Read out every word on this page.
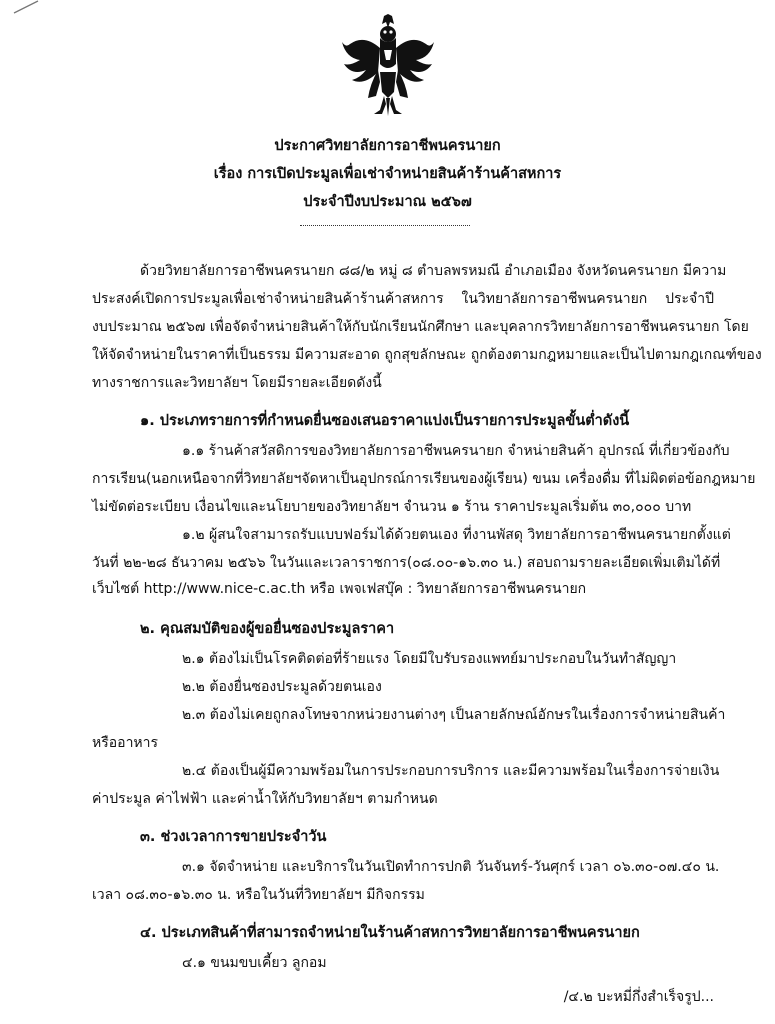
ประกาศวิทยาลัยการอาชีพนครนายก
เรื่อง การเปิดประมูลเพื่อเช่าจำหน่ายสินค้าร้านค้าสหการ
ประจำปีงบประมาณ ๒๕๖๗
ด้วยวิทยาลัยการอาชีพนครนายก ๘๘/๒ หมู่ ๘ ตำบลพรหมณี อำเภอเมือง จังหวัดนครนายก มีความ
ประสงค์เปิดการประมูลเพื่อเช่าจำหน่ายสินค้าร้านค้าสหการ ในวิทยาลัยการอาชีพนครนายก ประจำปี
งบประมาณ ๒๕๖๗ เพื่อจัดจำหน่ายสินค้าให้กับนักเรียนนักศึกษา และบุคลากรวิทยาลัยการอาชีพนครนายก โดย
ให้จัดจำหน่ายในราคาที่เป็นธรรม มีความสะอาด ถูกสุขลักษณะ ถูกต้องตามกฎหมายและเป็นไปตามกฎเกณฑ์ของ
ทางราชการและวิทยาลัยฯ โดยมีรายละเอียดดังนี้
๑. ประเภทรายการที่กำหนดยื่นซองเสนอราคาแบ่งเป็นรายการประมูลขั้นต่ำดังนี้
๑.๑ ร้านค้าสวัสดิการของวิทยาลัยการอาชีพนครนายก จำหน่ายสินค้า อุปกรณ์ ที่เกี่ยวข้องกับ
การเรียน(นอกเหนือจากที่วิทยาลัยฯจัดหาเป็นอุปกรณ์การเรียนของผู้เรียน) ขนม เครื่องดื่ม ที่ไม่ผิดต่อข้อกฎหมาย
ไม่ขัดต่อระเบียบ เงื่อนไขและนโยบายของวิทยาลัยฯ จำนวน ๑ ร้าน ราคาประมูลเริ่มต้น ๓๐,๐๐๐ บาท
๑.๒ ผู้สนใจสามารถรับแบบฟอร์มได้ด้วยตนเอง ที่งานพัสดุ วิทยาลัยการอาชีพนครนายกตั้งแต่
วันที่ ๒๒-๒๘ ธันวาคม ๒๕๖๖ ในวันและเวลาราชการ(๐๘.๐๐-๑๖.๓๐ น.) สอบถามรายละเอียดเพิ่มเติมได้ที่
เว็บไซต์ http://www.nice-c.ac.th หรือ เพจเฟสบุ๊ค : วิทยาลัยการอาชีพนครนายก
๒. คุณสมบัติของผู้ขอยื่นซองประมูลราคา
๒.๑ ต้องไม่เป็นโรคติดต่อที่ร้ายแรง โดยมีใบรับรองแพทย์มาประกอบในวันทำสัญญา
๒.๒ ต้องยื่นซองประมูลด้วยตนเอง
๒.๓ ต้องไม่เคยถูกลงโทษจากหน่วยงานต่างๆ เป็นลายลักษณ์อักษรในเรื่องการจำหน่ายสินค้า
หรืออาหาร
๒.๔ ต้องเป็นผู้มีความพร้อมในการประกอบการบริการ และมีความพร้อมในเรื่องการจ่ายเงิน
ค่าประมูล ค่าไฟฟ้า และค่าน้ำให้กับวิทยาลัยฯ ตามกำหนด
๓. ช่วงเวลาการขายประจำวัน
๓.๑ จัดจำหน่าย และบริการในวันเปิดทำการปกติ วันจันทร์-วันศุกร์ เวลา ๐๖.๓๐-๐๗.๔๐ น.
เวลา ๐๘.๓๐-๑๖.๓๐ น. หรือในวันที่วิทยาลัยฯ มีกิจกรรม
๔. ประเภทสินค้าที่สามารถจำหน่ายในร้านค้าสหการวิทยาลัยการอาชีพนครนายก
๔.๑ ขนมขบเคี้ยว ลูกอม
/๔.๒ บะหมี่กึ่งสำเร็จรูป...
